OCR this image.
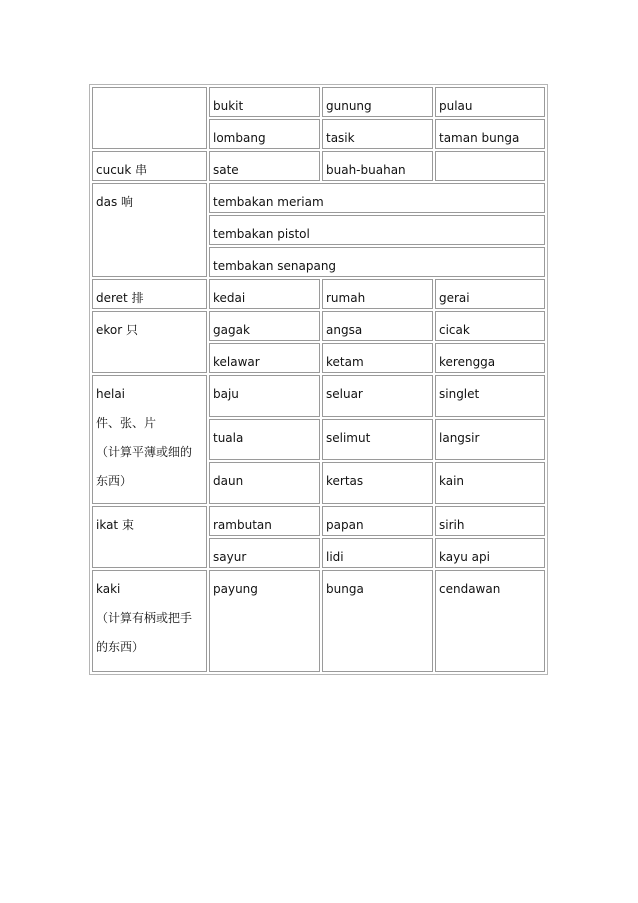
	bukit	gunung	pulau
	lombang	tasik	taman bunga
cucuk 串	sate	buah-buahan	
das 响	tembakan meriam		
	tembakan pistol		
	tembakan senapang		
deret 排	kedai	rumah	gerai
ekor 只	gagak	angsa	cicak
	kelawar	ketam	kerengga

helai
件、张、片
（计算平薄或细的
东西）	baju	seluar	singlet
	tuala	selimut	langsir
	daun	kertas	kain
ikat 束	rambutan	papan	sirih
	sayur	lidi	kayu api

kaki
（计算有柄或把手
的东西）	payung	bunga	cendawan
